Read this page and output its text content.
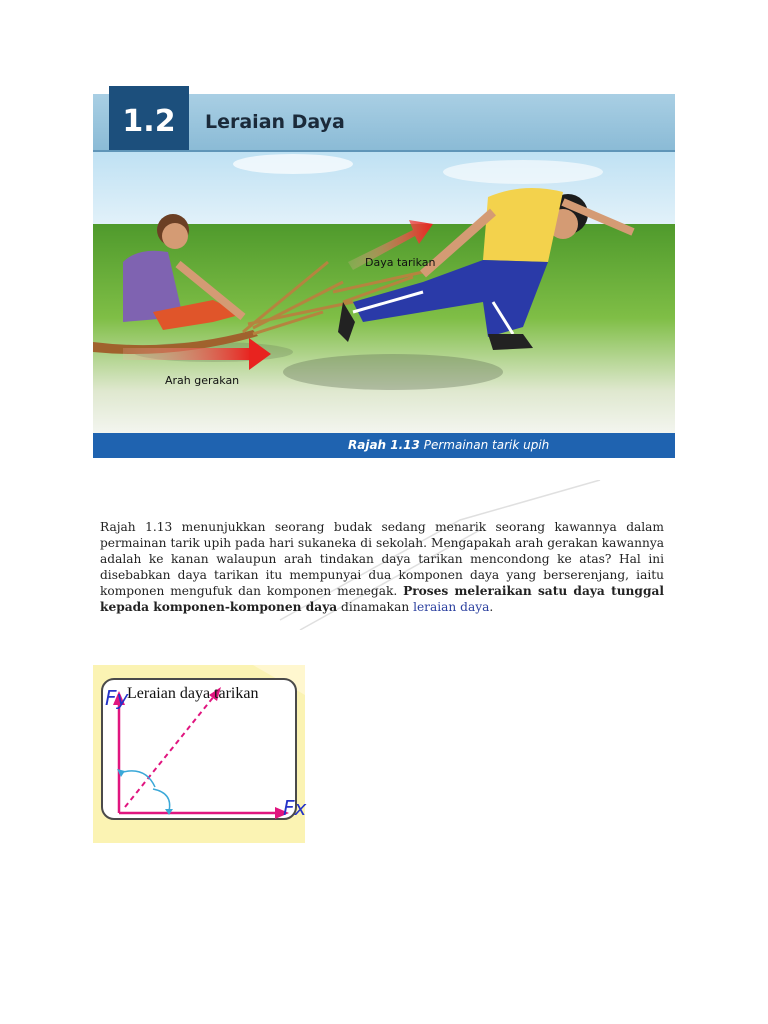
1.2	Leraian Daya
Daya tarikan
Arah gerakan
Rajah 1.13 Permainan tarik upih

Rajah 1.13 menunjukkan seorang budak sedang menarik seorang kawannya dalam permainan tarik upih pada hari sukaneka di sekolah. Mengapakah arah gerakan kawannya adalah ke kanan walaupun arah tindakan daya tarikan mencondong ke atas? Hal ini disebabkan daya tarikan itu mempunyai dua komponen daya yang berserenjang, iaitu komponen mengufuk dan komponen menegak. Proses meleraikan satu daya tunggal kepada komponen-komponen daya dinamakan leraian daya.

Fy
Fx
Leraian daya tarikan
